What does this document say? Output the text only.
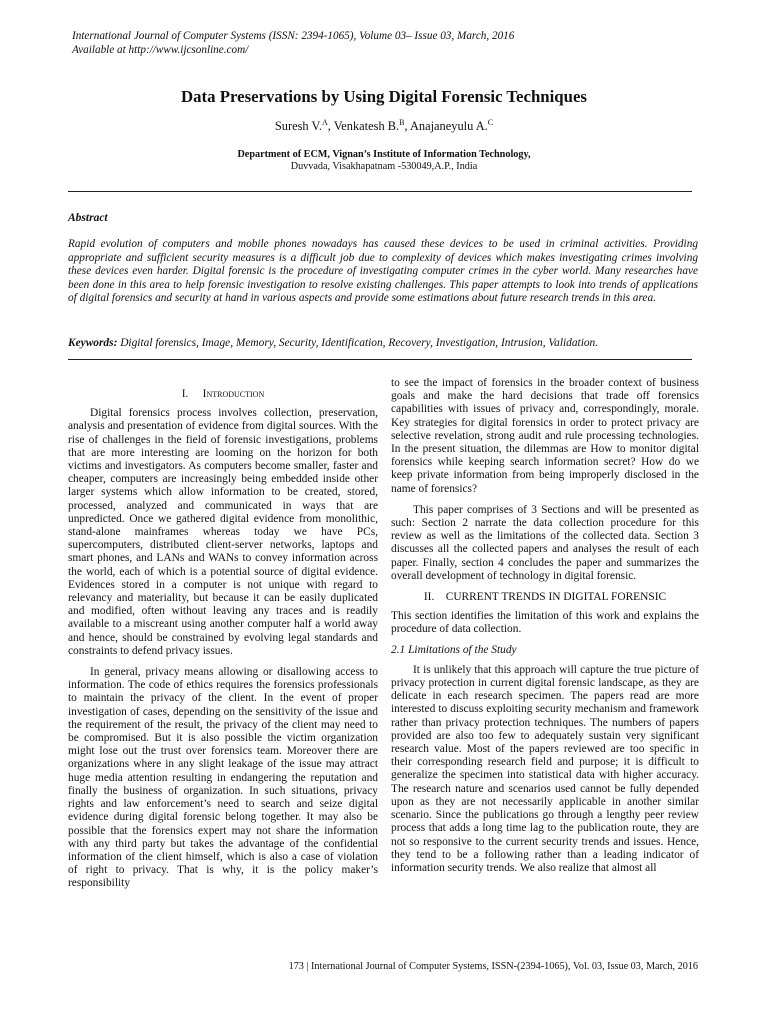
International Journal of Computer Systems (ISSN: 2394-1065), Volume 03– Issue 03, March, 2016
Available at http://www.ijcsonline.com/
Data Preservations by Using Digital Forensic Techniques
Suresh V.$^A$, Venkatesh B.$^B$, Anajaneyulu A.$^C$
Department of ECM, Vignan’s Institute of Information Technology,
Duvvada, Visakhapatnam -530049,A.P., India
Abstract

Rapid evolution of computers and mobile phones nowadays has caused these devices to be used in criminal activities. Providing appropriate and sufficient security measures is a difficult job due to complexity of devices which makes investigating crimes involving these devices even harder. Digital forensic is the procedure of investigating computer crimes in the cyber world. Many researches have been done in this area to help forensic investigation to resolve existing challenges. This paper attempts to look into trends of applications of digital forensics and security at hand in various aspects and provide some estimations about future research trends in this area.

Keywords: Digital forensics, Image, Memory, Security, Identification, Recovery, Investigation, Intrusion, Validation.
I. Introduction

Digital forensics process involves collection, preservation, analysis and presentation of evidence from digital sources. With the rise of challenges in the field of forensic investigations, problems that are more interesting are looming on the horizon for both victims and investigators. As computers become smaller, faster and cheaper, computers are increasingly being embedded inside other larger systems which allow information to be created, stored, processed, analyzed and communicated in ways that are unpredicted. Once we gathered digital evidence from monolithic, stand-alone mainframes whereas today we have PCs, supercomputers, distributed client-server networks, laptops and smart phones, and LANs and WANs to convey information across the world, each of which is a potential source of digital evidence. Evidences stored in a computer is not unique with regard to relevancy and materiality, but because it can be easily duplicated and modified, often without leaving any traces and is readily available to a miscreant using another computer half a world away and hence, should be constrained by evolving legal standards and constraints to defend privacy issues.

In general, privacy means allowing or disallowing access to information. The code of ethics requires the forensics professionals to maintain the privacy of the client. In the event of proper investigation of cases, depending on the sensitivity of the issue and the requirement of the result, the privacy of the client may need to be compromised. But it is also possible the victim organization might lose out the trust over forensics team. Moreover there are organizations where in any slight leakage of the issue may attract huge media attention resulting in endangering the reputation and finally the business of organization. In such situations, privacy rights and law enforcement’s need to search and seize digital evidence during digital forensic belong together. It may also be possible that the forensics expert may not share the information with any third party but takes the advantage of the confidential information of the client himself, which is also a case of violation of right to privacy. That is why, it is the policy maker’s responsibility

to see the impact of forensics in the broader context of business goals and make the hard decisions that trade off forensics capabilities with issues of privacy and, correspondingly, morale. Key strategies for digital forensics in order to protect privacy are selective revelation, strong audit and rule processing technologies. In the present situation, the dilemmas are How to monitor digital forensics while keeping search information secret? How do we keep private information from being improperly disclosed in the name of forensics?

This paper comprises of 3 Sections and will be presented as such: Section 2 narrate the data collection procedure for this review as well as the limitations of the collected data. Section 3 discusses all the collected papers and analyses the result of each paper. Finally, section 4 concludes the paper and summarizes the overall development of technology in digital forensic.

II. CURRENT TRENDS IN DIGITAL FORENSIC

This section identifies the limitation of this work and explains the procedure of data collection.

2.1 Limitations of the Study

It is unlikely that this approach will capture the true picture of privacy protection in current digital forensic landscape, as they are delicate in each research specimen. The papers read are more interested to discuss exploiting security mechanism and framework rather than privacy protection techniques. The numbers of papers provided are also too few to adequately sustain very significant research value. Most of the papers reviewed are too specific in their corresponding research field and purpose; it is difficult to generalize the specimen into statistical data with higher accuracy. The research nature and scenarios used cannot be fully depended upon as they are not necessarily applicable in another similar scenario. Since the publications go through a lengthy peer review process that adds a long time lag to the publication route, they are not so responsive to the current security trends and issues. Hence, they tend to be a following rather than a leading indicator of information security trends. We also realize that almost all

173 | International Journal of Computer Systems, ISSN-(2394-1065), Vol. 03, Issue 03, March, 2016
